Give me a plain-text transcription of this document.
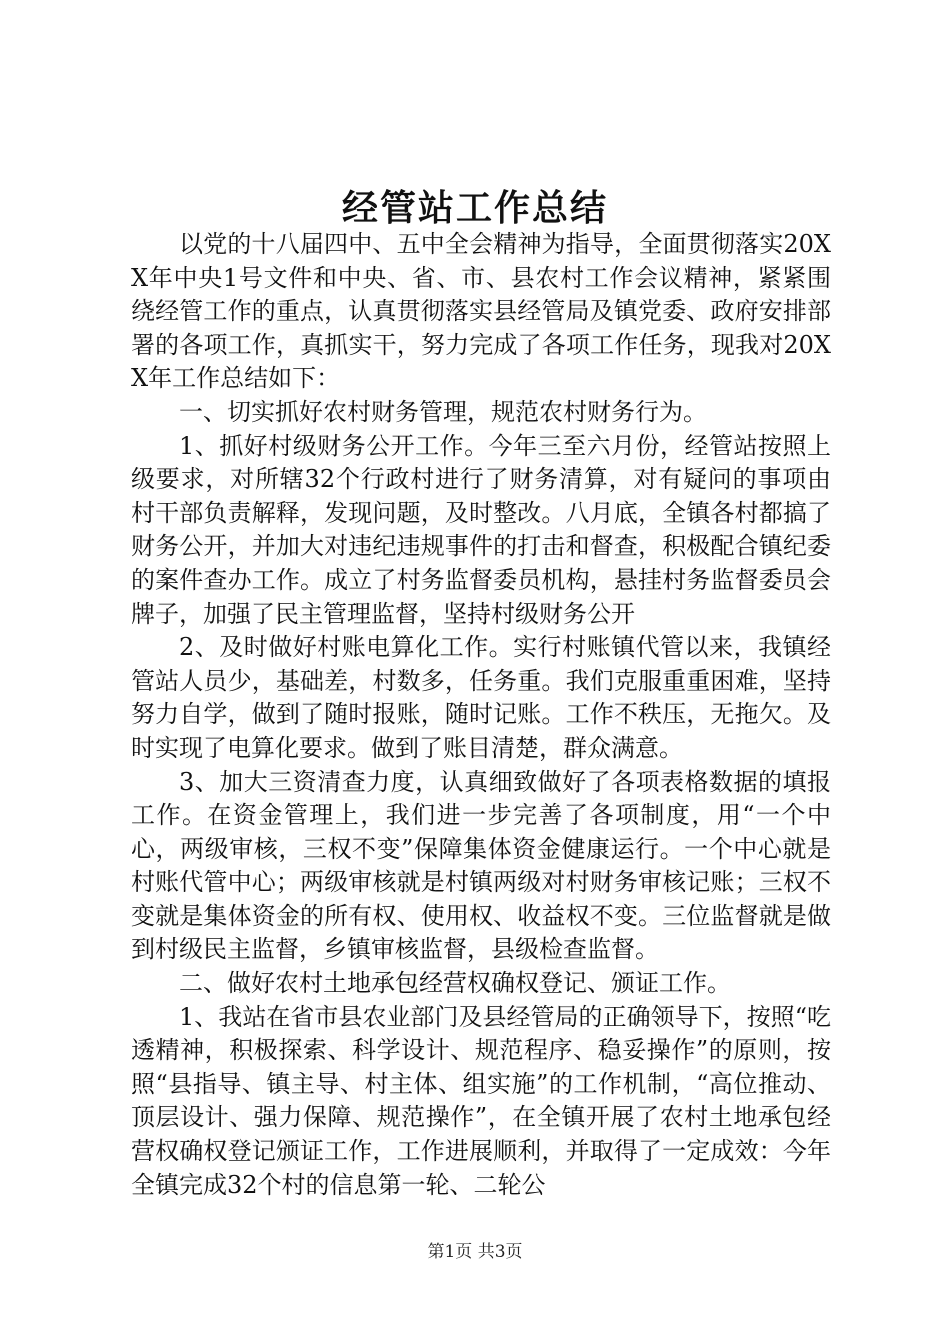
经管站工作总结

以党的十八届四中、五中全会精神为指导，全面贯彻落实20XX年中央1号文件和中央、省、市、县农村工作会议精神，紧紧围绕经管工作的重点，认真贯彻落实县经管局及镇党委、政府安排部署的各项工作，真抓实干，努力完成了各项工作任务，现我对20XX年工作总结如下：

一、切实抓好农村财务管理，规范农村财务行为。

1、抓好村级财务公开工作。今年三至六月份，经管站按照上级要求，对所辖32个行政村进行了财务清算，对有疑问的事项由村干部负责解释，发现问题，及时整改。八月底，全镇各村都搞了财务公开，并加大对违纪违规事件的打击和督查，积极配合镇纪委的案件查办工作。成立了村务监督委员机构，悬挂村务监督委员会牌子，加强了民主管理监督，坚持村级财务公开

2、及时做好村账电算化工作。实行村账镇代管以来，我镇经管站人员少，基础差，村数多，任务重。我们克服重重困难，坚持努力自学，做到了随时报账，随时记账。工作不秩压，无拖欠。及时实现了电算化要求。做到了账目清楚，群众满意。

3、加大三资清查力度，认真细致做好了各项表格数据的填报工作。在资金管理上，我们进一步完善了各项制度，用“一个中心，两级审核，三权不变”保障集体资金健康运行。一个中心就是村账代管中心；两级审核就是村镇两级对村财务审核记账；三权不变就是集体资金的所有权、使用权、收益权不变。三位监督就是做到村级民主监督，乡镇审核监督，县级检查监督。

二、做好农村土地承包经营权确权登记、颁证工作。

1、我站在省市县农业部门及县经管局的正确领导下，按照“吃透精神，积极探索、科学设计、规范程序、稳妥操作”的原则，按照“县指导、镇主导、村主体、组实施”的工作机制，“高位推动、顶层设计、强力保障、规范操作”，在全镇开展了农村土地承包经营权确权登记颁证工作，工作进展顺利，并取得了一定成效：今年全镇完成32个村的信息第一轮、二轮公

第1页 共3页
